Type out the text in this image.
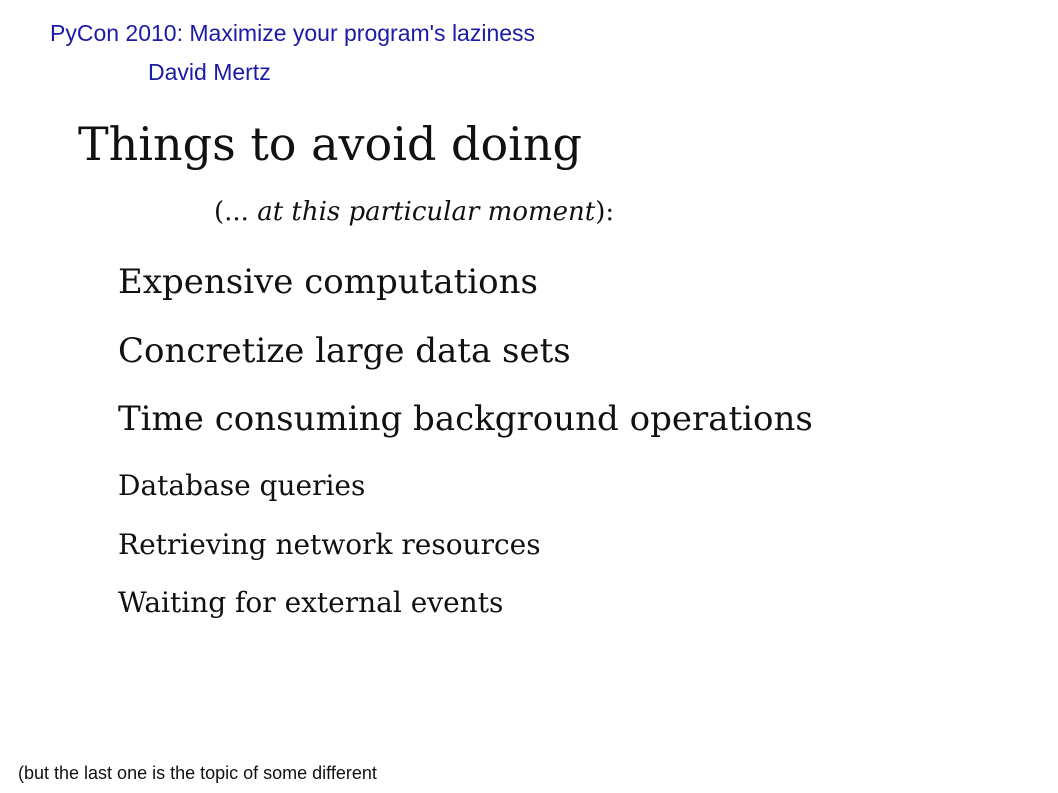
PyCon 2010: Maximize your program's laziness
David Mertz
Things to avoid doing
(... at this particular moment):
Expensive computations
Concretize large data sets
Time consuming background operations
Database queries
Retrieving network resources
Waiting for external events
(but the last one is the topic of some different
